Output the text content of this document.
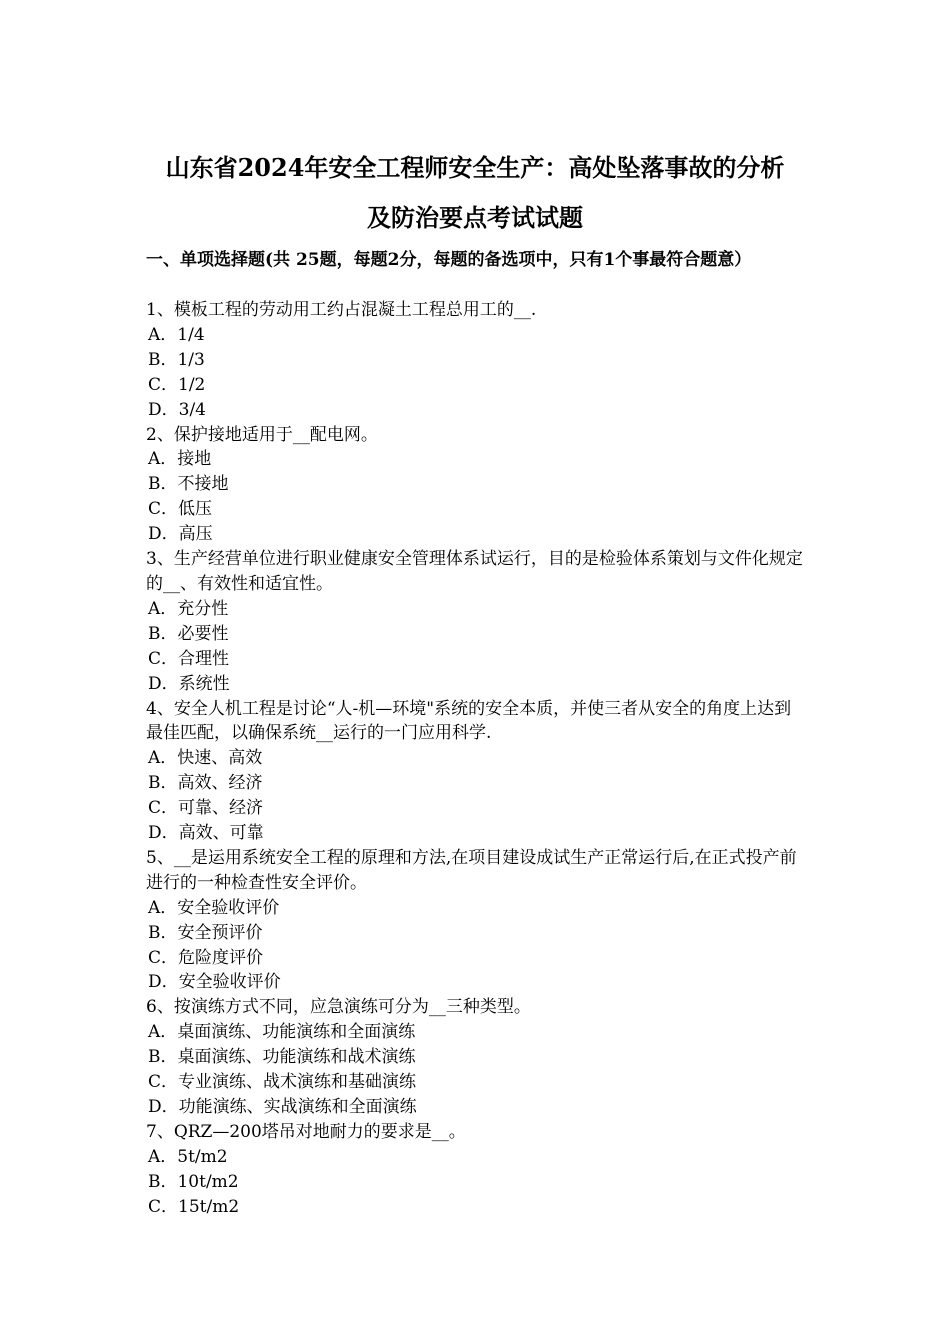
山东省2024年安全工程师安全生产：高处坠落事故的分析
及防治要点考试试题
一、单项选择题(共 25题，每题2分，每题的备选项中，只有1个事最符合题意）

1、模板工程的劳动用工约占混凝土工程总用工的__.

A．1/4

B．1/3

C．1/2

D．3/4

2、保护接地适用于__配电网。

A．接地

B．不接地

C．低压

D．高压

3、生产经营单位进行职业健康安全管理体系试运行，目的是检验体系策划与文件化规定的__、有效性和适宜性。

A．充分性

B．必要性

C．合理性

D．系统性

4、安全人机工程是讨论“人-机—环境"系统的安全本质，并使三者从安全的角度上达到最佳匹配，以确保系统__运行的一门应用科学.

A．快速、高效

B．高效、经济

C．可靠、经济

D．高效、可靠

5、__是运用系统安全工程的原理和方法,在项目建设成试生产正常运行后,在正式投产前进行的一种检查性安全评价。

A．安全验收评价

B．安全预评价

C．危险度评价

D．安全验收评价

6、按演练方式不同，应急演练可分为__三种类型。

A．桌面演练、功能演练和全面演练

B．桌面演练、功能演练和战术演练

C．专业演练、战术演练和基础演练

D．功能演练、实战演练和全面演练

7、QRZ—200塔吊对地耐力的要求是__。

A．5t/m2

B．10t/m2

C．15t/m2
